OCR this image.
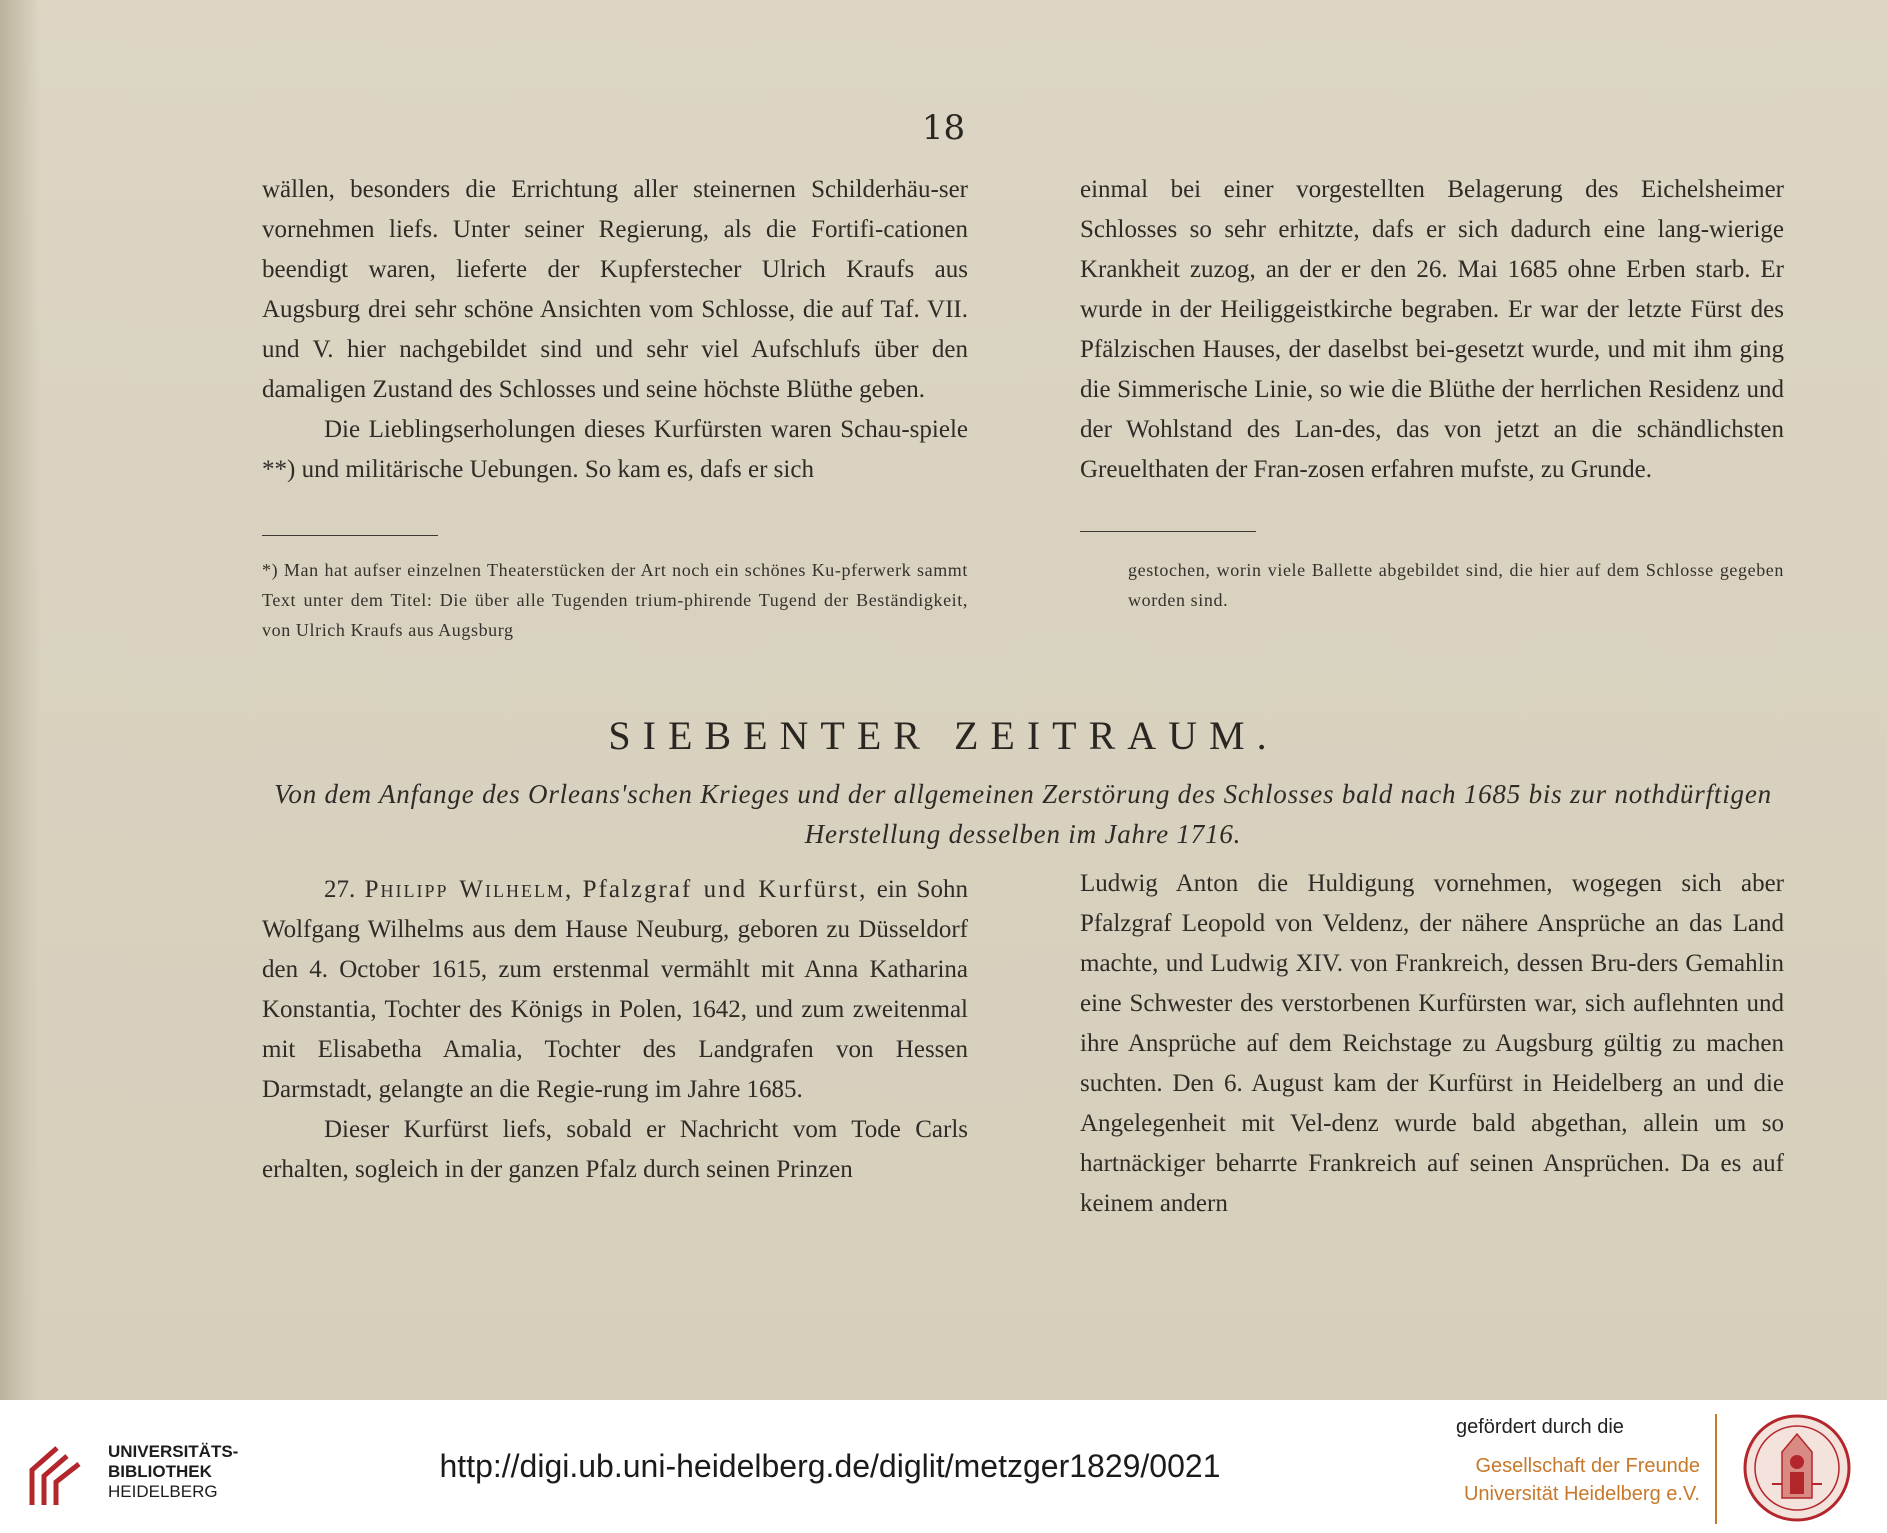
18

wällen, besonders die Errichtung aller steinernen Schilderhäu-ser vornehmen liefs. Unter seiner Regierung, als die Fortifi-cationen beendigt waren, lieferte der Kupferstecher Ulrich Kraufs aus Augsburg drei sehr schöne Ansichten vom Schlosse, die auf Taf. VII. und V. hier nachgebildet sind und sehr viel Aufschlufs über den damaligen Zustand des Schlosses und seine höchste Blüthe geben.

Die Lieblingserholungen dieses Kurfürsten waren Schau-spiele **) und militärische Uebungen. So kam es, dafs er sich

einmal bei einer vorgestellten Belagerung des Eichelsheimer Schlosses so sehr erhitzte, dafs er sich dadurch eine lang-wierige Krankheit zuzog, an der er den 26. Mai 1685 ohne Erben starb. Er wurde in der Heiliggeistkirche begraben. Er war der letzte Fürst des Pfälzischen Hauses, der daselbst bei-gesetzt wurde, und mit ihm ging die Simmerische Linie, so wie die Blüthe der herrlichen Residenz und der Wohlstand des Lan-des, das von jetzt an die schändlichsten Greuelthaten der Fran-zosen erfahren mufste, zu Grunde.

*) Man hat aufser einzelnen Theaterstücken der Art noch ein schönes Ku-pferwerk sammt Text unter dem Titel: Die über alle Tugenden trium-phirende Tugend der Beständigkeit, von Ulrich Kraufs aus Augsburg

gestochen, worin viele Ballette abgebildet sind, die hier auf dem Schlosse gegeben worden sind.

SIEBENTER ZEITRAUM.
Von dem Anfange des Orleans'schen Krieges und der allgemeinen Zerstörung des Schlosses bald nach 1685 bis zur nothdürftigen Herstellung desselben im Jahre 1716.

27. Philipp Wilhelm, Pfalzgraf und Kurfürst, ein Sohn Wolfgang Wilhelms aus dem Hause Neuburg, geboren zu Düsseldorf den 4. October 1615, zum erstenmal vermählt mit Anna Katharina Konstantia, Tochter des Königs in Polen, 1642, und zum zweitenmal mit Elisabetha Amalia, Tochter des Landgrafen von Hessen Darmstadt, gelangte an die Regie-rung im Jahre 1685.

Dieser Kurfürst liefs, sobald er Nachricht vom Tode Carls erhalten, sogleich in der ganzen Pfalz durch seinen Prinzen

Ludwig Anton die Huldigung vornehmen, wogegen sich aber Pfalzgraf Leopold von Veldenz, der nähere Ansprüche an das Land machte, und Ludwig XIV. von Frankreich, dessen Bru-ders Gemahlin eine Schwester des verstorbenen Kurfürsten war, sich auflehnten und ihre Ansprüche auf dem Reichstage zu Augsburg gültig zu machen suchten. Den 6. August kam der Kurfürst in Heidelberg an und die Angelegenheit mit Vel-denz wurde bald abgethan, allein um so hartnäckiger beharrte Frankreich auf seinen Ansprüchen. Da es auf keinem andern

UNIVERSITÄTS-
BIBLIOTHEK
HEIDELBERG
http://digi.ub.uni-heidelberg.de/diglit/metzger1829/0021
gefördert durch die
Gesellschaft der Freunde
Universität Heidelberg e.V.
